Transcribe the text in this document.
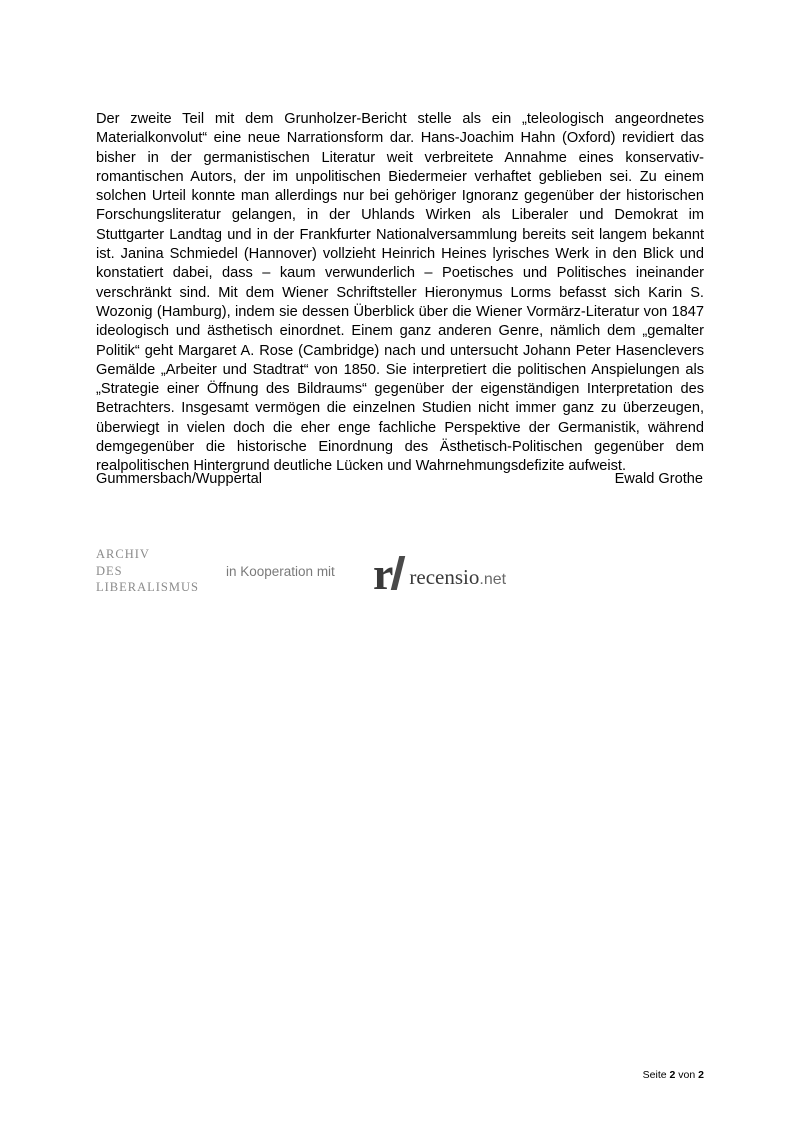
Der zweite Teil mit dem Grunholzer-Bericht stelle als ein „teleologisch angeordnetes Materialkonvolut“ eine neue Narrationsform dar. Hans-Joachim Hahn (Oxford) revidiert das bisher in der germanistischen Literatur weit verbreitete Annahme eines konservativ-romantischen Autors, der im unpolitischen Biedermeier verhaftet geblieben sei. Zu einem solchen Urteil konnte man allerdings nur bei gehöriger Ignoranz gegenüber der historischen Forschungsliteratur gelangen, in der Uhlands Wirken als Liberaler und Demokrat im Stuttgarter Landtag und in der Frankfurter Nationalversammlung bereits seit langem bekannt ist. Janina Schmiedel (Hannover) vollzieht Heinrich Heines lyrisches Werk in den Blick und konstatiert dabei, dass – kaum verwunderlich – Poetisches und Politisches ineinander verschränkt sind. Mit dem Wiener Schriftsteller Hieronymus Lorms befasst sich Karin S. Wozonig (Hamburg), indem sie dessen Überblick über die Wiener Vormärz-Literatur von 1847 ideologisch und ästhetisch einordnet. Einem ganz anderen Genre, nämlich dem „gemalter Politik“ geht Margaret A. Rose (Cambridge) nach und untersucht Johann Peter Hasenclevers Gemälde „Arbeiter und Stadtrat“ von 1850. Sie interpretiert die politischen Anspielungen als „Strategie einer Öffnung des Bildraums“ gegenüber der eigenständigen Interpretation des Betrachters. Insgesamt vermögen die einzelnen Studien nicht immer ganz zu überzeugen, überwiegt in vielen doch die eher enge fachliche Perspektive der Germanistik, während demgegenüber die historische Einordnung des Ästhetisch-Politischen gegenüber dem realpolitischen Hintergrund deutliche Lücken und Wahrnehmungsdefizite aufweist.

Gummersbach/Wuppertal	Ewald Grothe
ARCHIV
DES
LIBERALISMUS
in Kooperation mit r recensio.net
Seite 2 von 2
